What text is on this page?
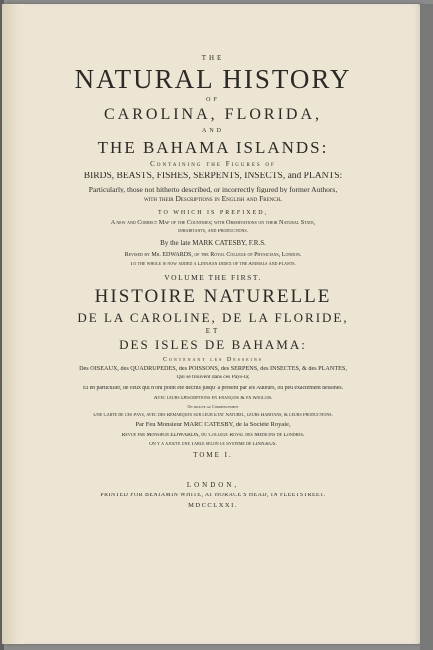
THE
NATURAL HISTORY
OF
CAROLINA, FLORIDA,
AND
THE BAHAMA ISLANDS:
Containing the Figures of
BIRDS, BEASTS, FISHES, SERPENTS, INSECTS, and PLANTS:
Particularly, those not hitherto described, or incorrectly figured by former Authors,
with their Descriptions in English and French.
TO WHICH IS PREFIXED,
A new and Correct Map of the Countries; with Observations on their Natural State,
Inhabitants, and Productions.
By the late MARK CATESBY, F.R.S.
Revised by Mr. EDWARDS, of the Royal College of Physicians, London.
To the whole is now added a Linnæan Index of the Animals and Plants.
VOLUME THE FIRST.
HISTOIRE NATURELLE
DE LA CAROLINE, DE LA FLORIDE,
ET
DES ISLES DE BAHAMA:
Contenant les Desseins
Des OISEAUX, des QUADRUPEDES, des POISSONS, des SERPENS, des INSECTES, & des PLANTES,
Qui se trouvent dans ces Pays-là;
Et en particulier, de ceux qui n'ont point été decrits jusqu' à present par les Auteurs, ou peu exactement dessinés.
Avec leurs Descriptions en François & en Anglois.
On trouve au Commencement
Une Carte de ces Pays, avec des Remarques sur leur Etat Naturel, leurs Habitans, & leurs Productions.
Par Feu Monsieur MARC CATESBY, de la Société Royale,
Revue par Monsieur EDWARDS, du College Royal des Medicins de Londres.
On y a ajouté une Table selon le Système de LINNÆUS.
TOME I.
LONDON,
PRINTED FOR BENJAMIN WHITE, AT HORACE'S HEAD, IN FLEETSTREET.
MDCCLXXI.
